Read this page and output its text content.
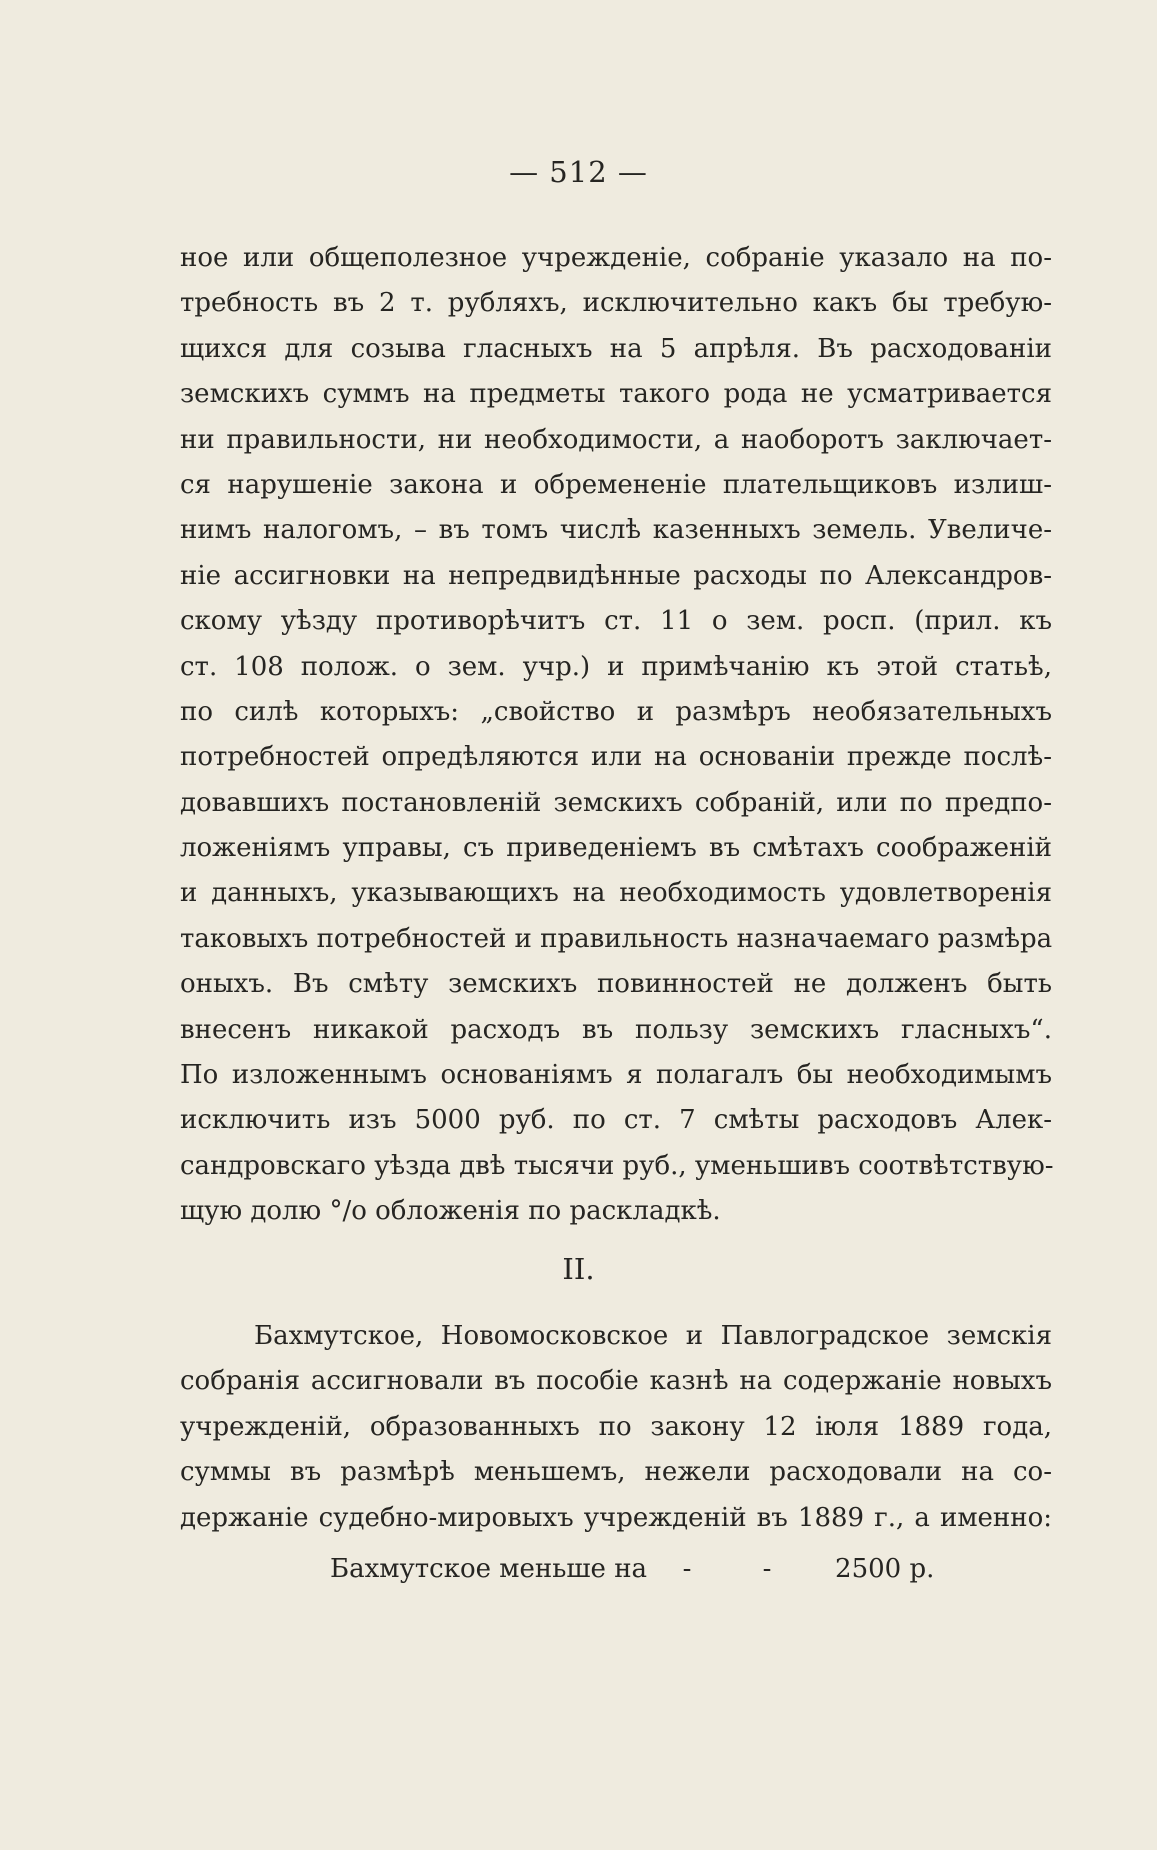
— 512 —
ное или общеполезное учрежденіе, собраніе указало на по-
требность въ 2 т. рубляхъ, исключительно какъ бы требую-
щихся для созыва гласныхъ на 5 апрѣля. Въ расходованіи
земскихъ суммъ на предметы такого рода не усматривается
ни правильности, ни необходимости, а наоборотъ заключает-
ся нарушеніе закона и обремененіе плательщиковъ излиш-
нимъ налогомъ, – въ томъ числѣ казенныхъ земель. Увеличе-
ніе ассигновки на непредвидѣнные расходы по Александров-
скому уѣзду противорѣчитъ ст. 11 о зем. росп. (прил. къ
ст. 108 полож. о зем. учр.) и примѣчанію къ этой статьѣ,
по силѣ которыхъ: „свойство и размѣръ необязательныхъ
потребностей опредѣляются или на основаніи прежде послѣ-
довавшихъ постановленій земскихъ собраній, или по предпо-
ложеніямъ управы, съ приведеніемъ въ смѣтахъ соображеній
и данныхъ, указывающихъ на необходимость удовлетворенія
таковыхъ потребностей и правильность назначаемаго размѣра
оныхъ. Въ смѣту земскихъ повинностей не долженъ быть
внесенъ никакой расходъ въ пользу земскихъ гласныхъ“.
По изложеннымъ основаніямъ я полагалъ бы необходимымъ
исключить изъ 5000 руб. по ст. 7 смѣты расходовъ Алек-
сандровскаго уѣзда двѣ тысячи руб., уменьшивъ соотвѣтствую-
щую долю °/o обложенія по раскладкѣ.
II.
Бахмутское, Новомосковское и Павлоградское земскія
собранія ассигновали въ пособіе казнѣ на содержаніе новыхъ
учрежденій, образованныхъ по закону 12 іюля 1889 года,
суммы въ размѣрѣ меньшемъ, нежели расходовали на со-
держаніе судебно-мировыхъ учрежденій въ 1889 г., а именно:
Бахмутское меньше на -	- 2500 р.
